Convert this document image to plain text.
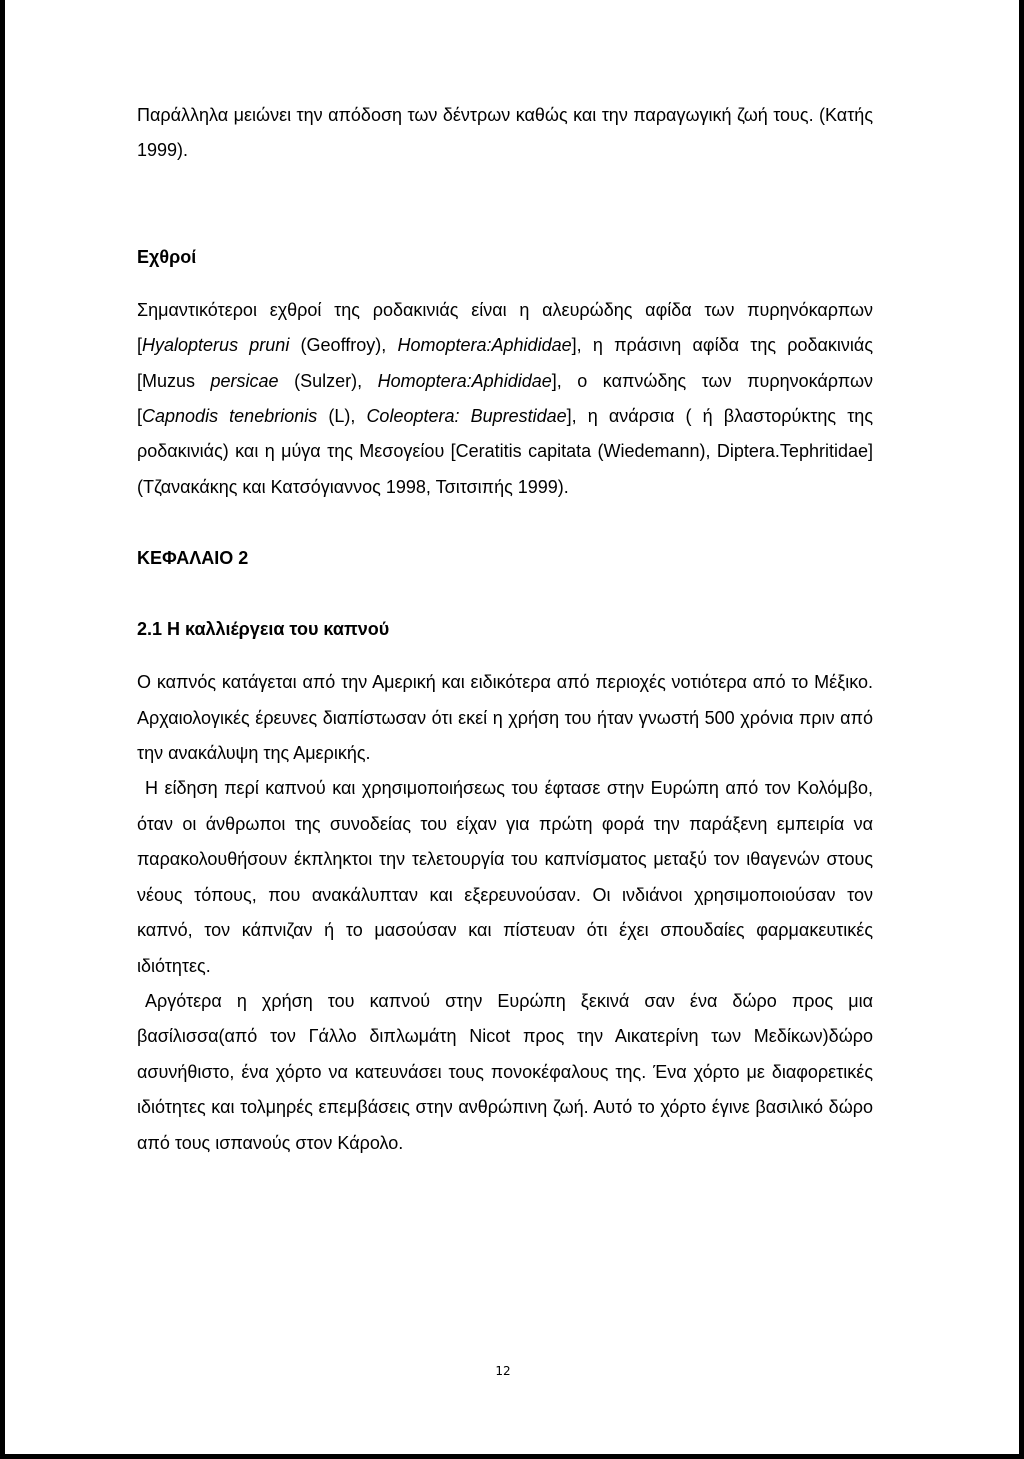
Παράλληλα μειώνει την απόδοση των δέντρων καθώς και την παραγωγική ζωή τους. (Κατής 1999).

Εχθροί

Σημαντικότεροι εχθροί της ροδακινιάς είναι η αλευρώδης αφίδα των πυρηνόκαρπων [Hyalopterus pruni (Geoffroy), Homoptera:Aphididae], η πράσινη αφίδα της ροδακινιάς [Muzus persicae (Sulzer), Homoptera:Aphididae], ο καπνώδης των πυρηνοκάρπων [Capnodis tenebrionis (L), Coleoptera: Buprestidae], η ανάρσια ( ή βλαστορύκτης της ροδακινιάς) και η μύγα της Μεσογείου [Ceratitis capitata (Wiedemann), Diptera.Tephritidae] (Τζανακάκης και Κατσόγιαννος 1998, Τσιτσιπής 1999).

ΚΕΦΑΛΑΙΟ 2

2.1 Η καλλιέργεια του καπνού

Ο καπνός κατάγεται από την Αμερική και ειδικότερα από περιοχές νοτιότερα από το Μέξικο. Αρχαιολογικές έρευνες διαπίστωσαν ότι εκεί η χρήση του ήταν γνωστή 500 χρόνια πριν από την ανακάλυψη της Αμερικής.

Η είδηση περί καπνού και χρησιμοποιήσεως του έφτασε στην Ευρώπη από τον Κολόμβο, όταν οι άνθρωποι της συνοδείας του είχαν για πρώτη φορά την παράξενη εμπειρία να παρακολουθήσουν έκπληκτοι την τελετουργία του καπνίσματος μεταξύ τον ιθαγενών στους νέους τόπους, που ανακάλυπταν και εξερευνούσαν. Οι ινδιάνοι χρησιμοποιούσαν τον καπνό, τον κάπνιζαν ή το μασούσαν και πίστευαν ότι έχει σπουδαίες φαρμακευτικές ιδιότητες.

Αργότερα η χρήση του καπνού στην Ευρώπη ξεκινά σαν ένα δώρο προς μια βασίλισσα(από τον Γάλλο διπλωμάτη Nicot προς την Αικατερίνη των Μεδίκων)δώρο ασυνήθιστο, ένα χόρτο να κατευνάσει τους πονοκέφαλους της. Ένα χόρτο με διαφορετικές ιδιότητες και τολμηρές επεμβάσεις στην ανθρώπινη ζωή. Αυτό το χόρτο έγινε βασιλικό δώρο από τους ισπανούς στον Κάρολο.

12
